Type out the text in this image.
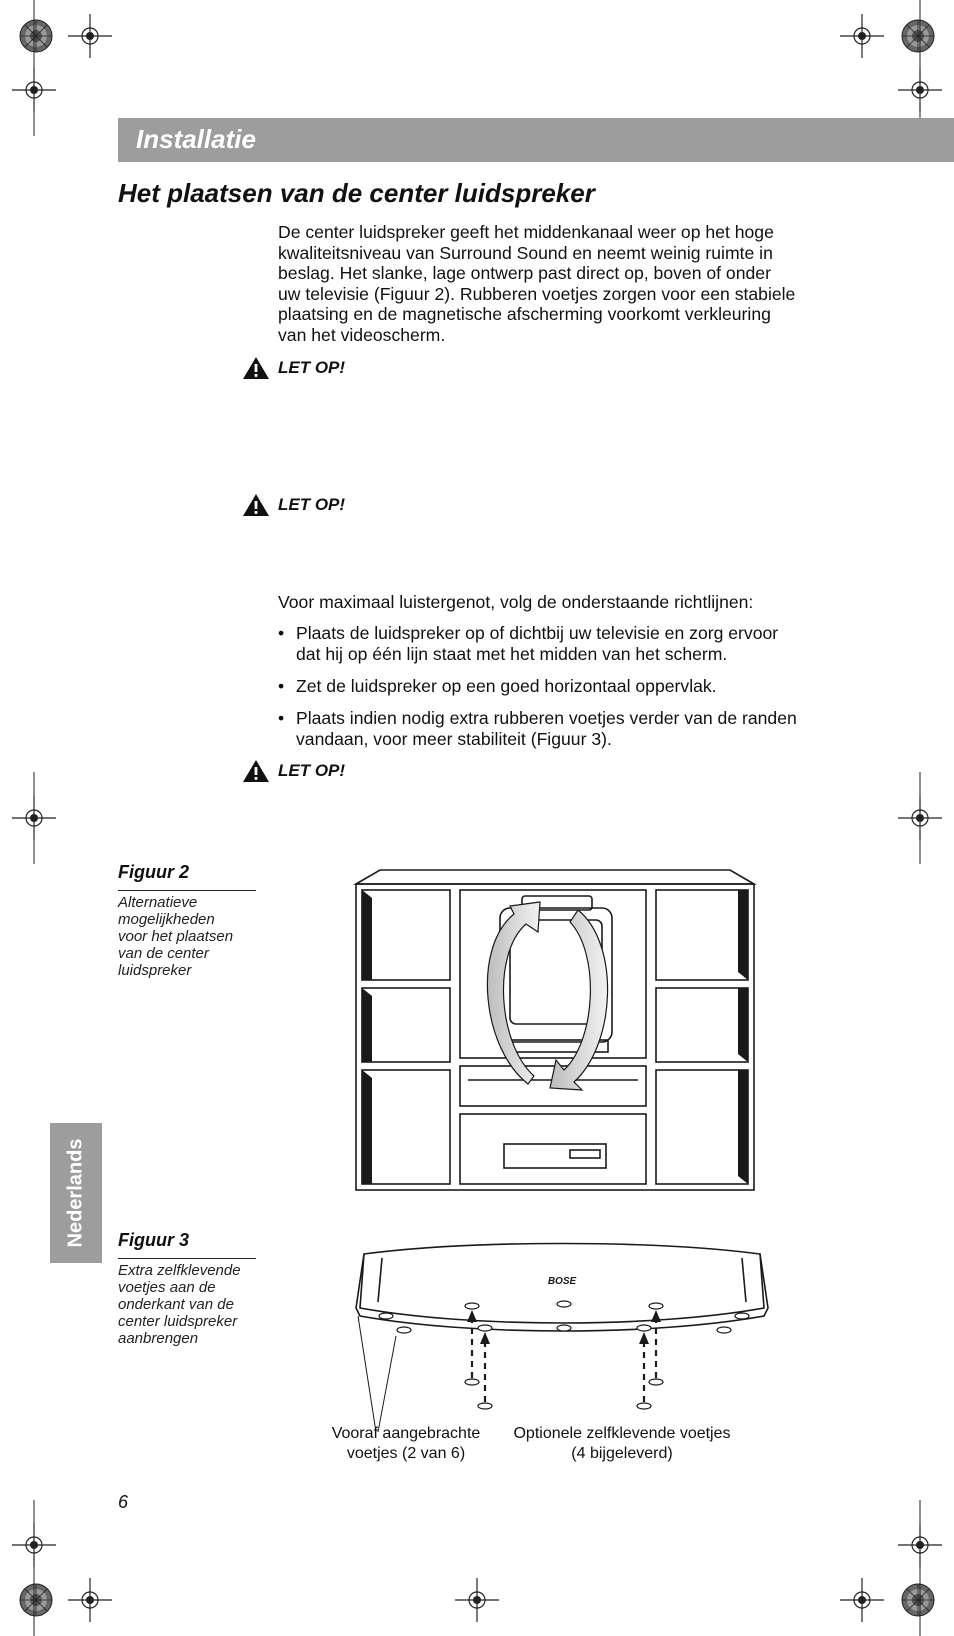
Installatie
Het plaatsen van de center luidspreker
De center luidspreker geeft het middenkanaal weer op het hoge
kwaliteitsniveau van Surround Sound en neemt weinig ruimte in
beslag. Het slanke, lage ontwerp past direct op, boven of onder
uw televisie (Figuur 2). Rubberen voetjes zorgen voor een stabiele
plaatsing en de magnetische afscherming voorkomt verkleuring
van het videoscherm.
LET OP!
LET OP!
Voor maximaal luistergenot, volg de onderstaande richtlijnen:
• Plaats de luidspreker op of dichtbij uw televisie en zorg ervoor
dat hij op één lijn staat met het midden van het scherm.
• Zet de luidspreker op een goed horizontaal oppervlak.
• Plaats indien nodig extra rubberen voetjes verder van de randen
vandaan, voor meer stabiliteit (Figuur 3).
LET OP!
Figuur 2
Alternatieve
mogelijkheden
voor het plaatsen
van de center
luidspreker
Figuur 3
Extra zelfklevende
voetjes aan de
onderkant van de
center luidspreker
aanbrengen
BOSE
Vooraf aangebrachte
voetjes (2 van 6)
Optionele zelfklevende voetjes
(4 bijgeleverd)
Nederlands
6
